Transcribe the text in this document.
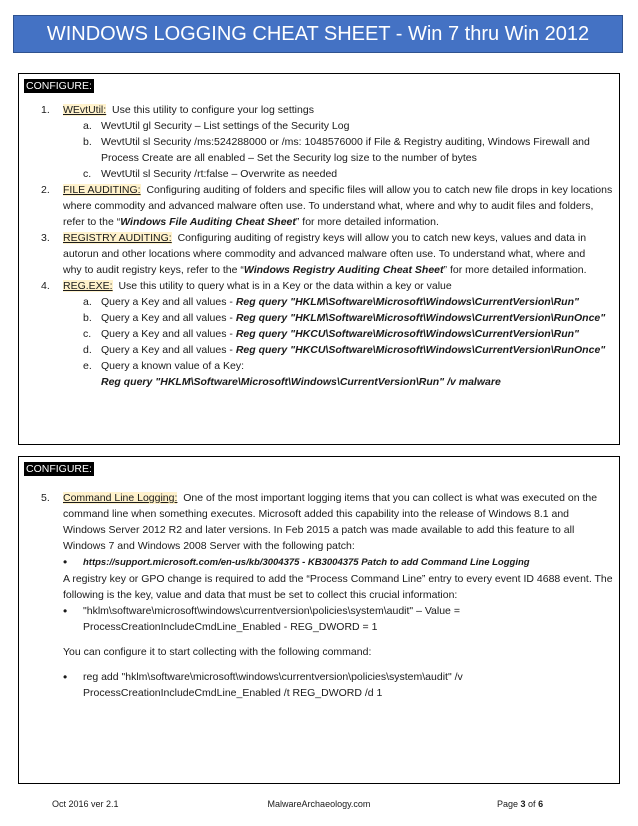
WINDOWS LOGGING CHEAT SHEET - Win 7 thru Win 2012
CONFIGURE:
1. WEvtUtil: Use this utility to configure your log settings
a. WevtUtil gl Security – List settings of the Security Log
b. WevtUtil sl Security /ms:524288000 or /ms: 1048576000 if File & Registry auditing, Windows Firewall and
Process Create are all enabled – Set the Security log size to the number of bytes
c. WevtUtil sl Security /rt:false – Overwrite as needed
2. FILE AUDITING: Configuring auditing of folders and specific files will allow you to catch new file drops in key locations
where commodity and advanced malware often use. To understand what, where and why to audit files and folders,
refer to the “Windows File Auditing Cheat Sheet” for more detailed information.
3. REGISTRY AUDITING: Configuring auditing of registry keys will allow you to catch new keys, values and data in
autorun and other locations where commodity and advanced malware often use. To understand what, where and
why to audit registry keys, refer to the “Windows Registry Auditing Cheat Sheet” for more detailed information.
4. REG.EXE: Use this utility to query what is in a Key or the data within a key or value
a. Query a Key and all values - Reg query "HKLM\Software\Microsoft\Windows\CurrentVersion\Run"
b. Query a Key and all values - Reg query "HKLM\Software\Microsoft\Windows\CurrentVersion\RunOnce"
c. Query a Key and all values - Reg query "HKCU\Software\Microsoft\Windows\CurrentVersion\Run"
d. Query a Key and all values - Reg query "HKCU\Software\Microsoft\Windows\CurrentVersion\RunOnce"
e. Query a known value of a Key:
Reg query "HKLM\Software\Microsoft\Windows\CurrentVersion\Run" /v malware
CONFIGURE:
5. Command Line Logging: One of the most important logging items that you can collect is what was executed on the
command line when something executes. Microsoft added this capability into the release of Windows 8.1 and
Windows Server 2012 R2 and later versions. In Feb 2015 a patch was made available to add this feature to all
Windows 7 and Windows 2008 Server with the following patch:
• https://support.microsoft.com/en-us/kb/3004375 - KB3004375 Patch to add Command Line Logging
A registry key or GPO change is required to add the “Process Command Line” entry to every event ID 4688 event. The
following is the key, value and data that must be set to collect this crucial information:
• "hklm\software\microsoft\windows\currentversion\policies\system\audit" – Value =
ProcessCreationIncludeCmdLine_Enabled - REG_DWORD = 1
You can configure it to start collecting with the following command:
• reg add "hklm\software\microsoft\windows\currentversion\policies\system\audit" /v
ProcessCreationIncludeCmdLine_Enabled /t REG_DWORD /d 1
Oct 2016 ver 2.1	MalwareArchaeology.com	Page 3 of 6
